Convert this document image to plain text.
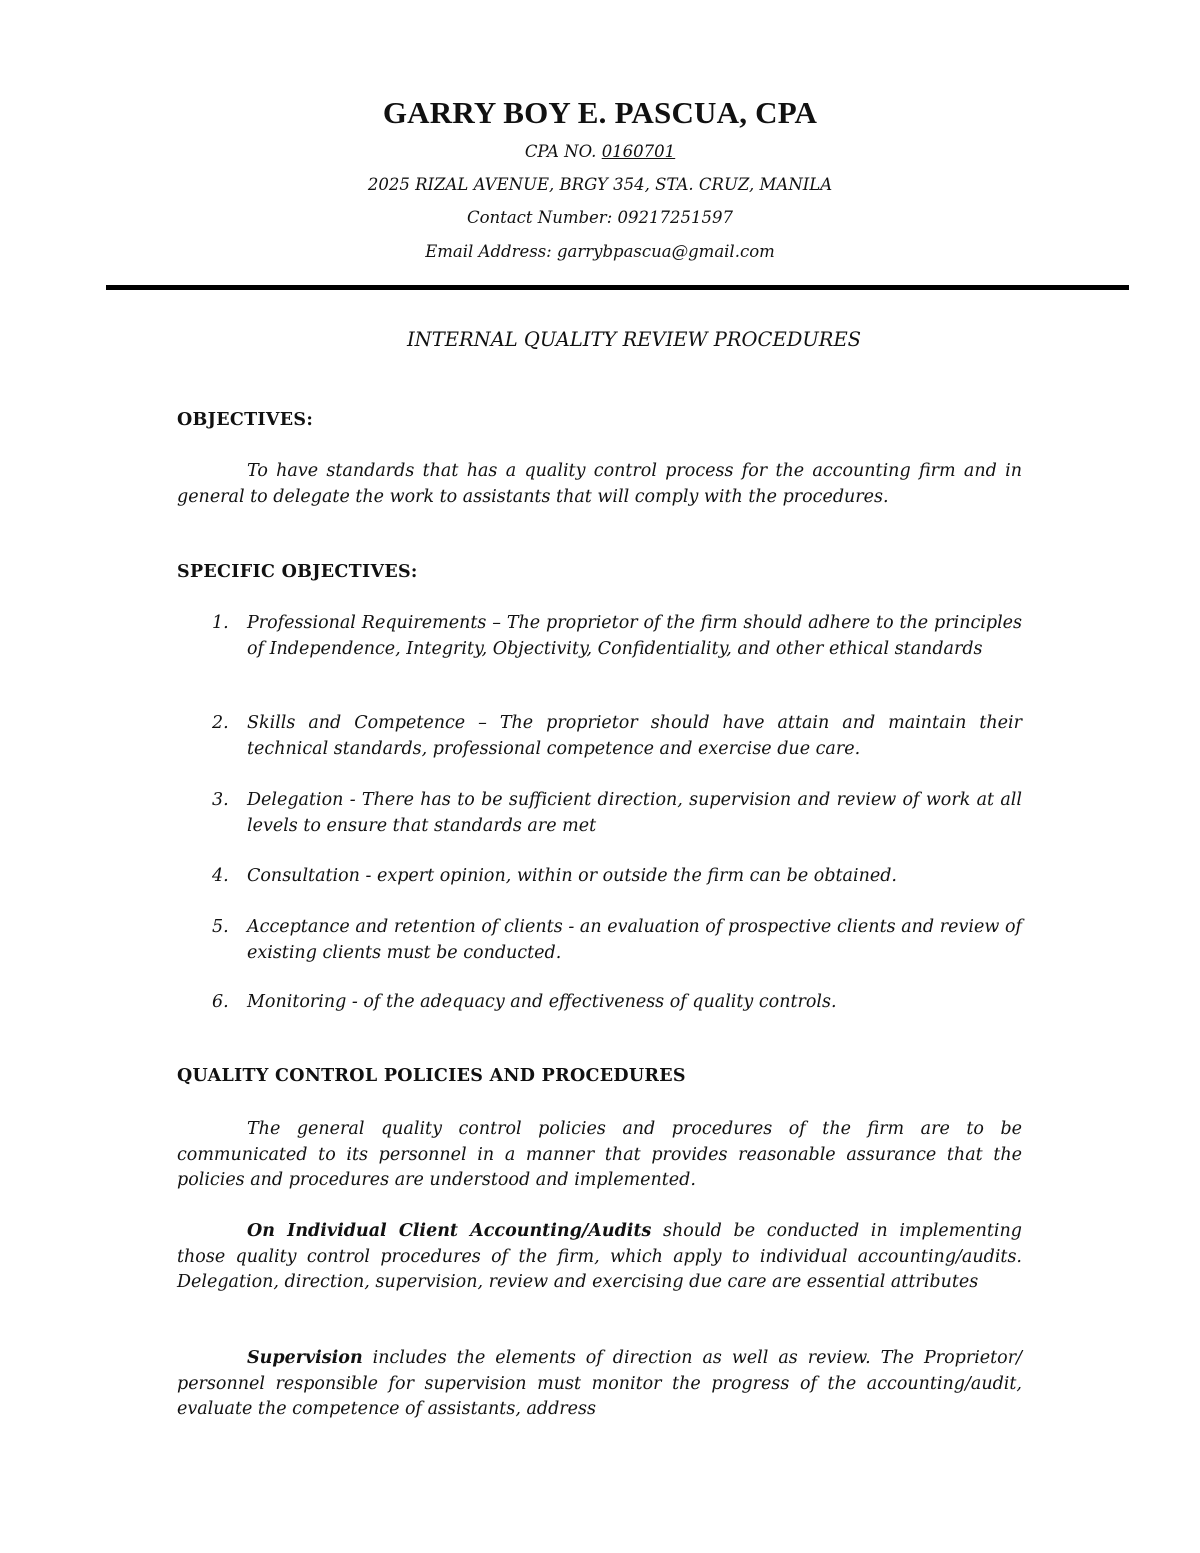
GARRY BOY E. PASCUA, CPA
CPA NO. 0160701
2025 RIZAL AVENUE, BRGY 354, STA. CRUZ, MANILA
Contact Number: 09217251597
Email Address: garrybpascua@gmail.com
INTERNAL QUALITY REVIEW PROCEDURES
OBJECTIVES:

To have standards that has a quality control process for the accounting firm and in general to delegate the work to assistants that will comply with the procedures.

SPECIFIC OBJECTIVES:
1. Professional Requirements – The proprietor of the firm should adhere to the principles of Independence, Integrity, Objectivity, Confidentiality, and other ethical standards
2. Skills and Competence – The proprietor should have attain and maintain their technical standards, professional competence and exercise due care.
3. Delegation - There has to be sufficient direction, supervision and review of work at all levels to ensure that standards are met
4. Consultation - expert opinion, within or outside the firm can be obtained.
5. Acceptance and retention of clients - an evaluation of prospective clients and review of existing clients must be conducted.
6. Monitoring - of the adequacy and effectiveness of quality controls.
QUALITY CONTROL POLICIES AND PROCEDURES

The general quality control policies and procedures of the firm are to be communicated to its personnel in a manner that provides reasonable assurance that the policies and procedures are understood and implemented.

On Individual Client Accounting/Audits should be conducted in implementing those quality control procedures of the firm, which apply to individual accounting/audits. Delegation, direction, supervision, review and exercising due care are essential attributes

Supervision includes the elements of direction as well as review. The Proprietor/ personnel responsible for supervision must monitor the progress of the accounting/audit, evaluate the competence of assistants, address
